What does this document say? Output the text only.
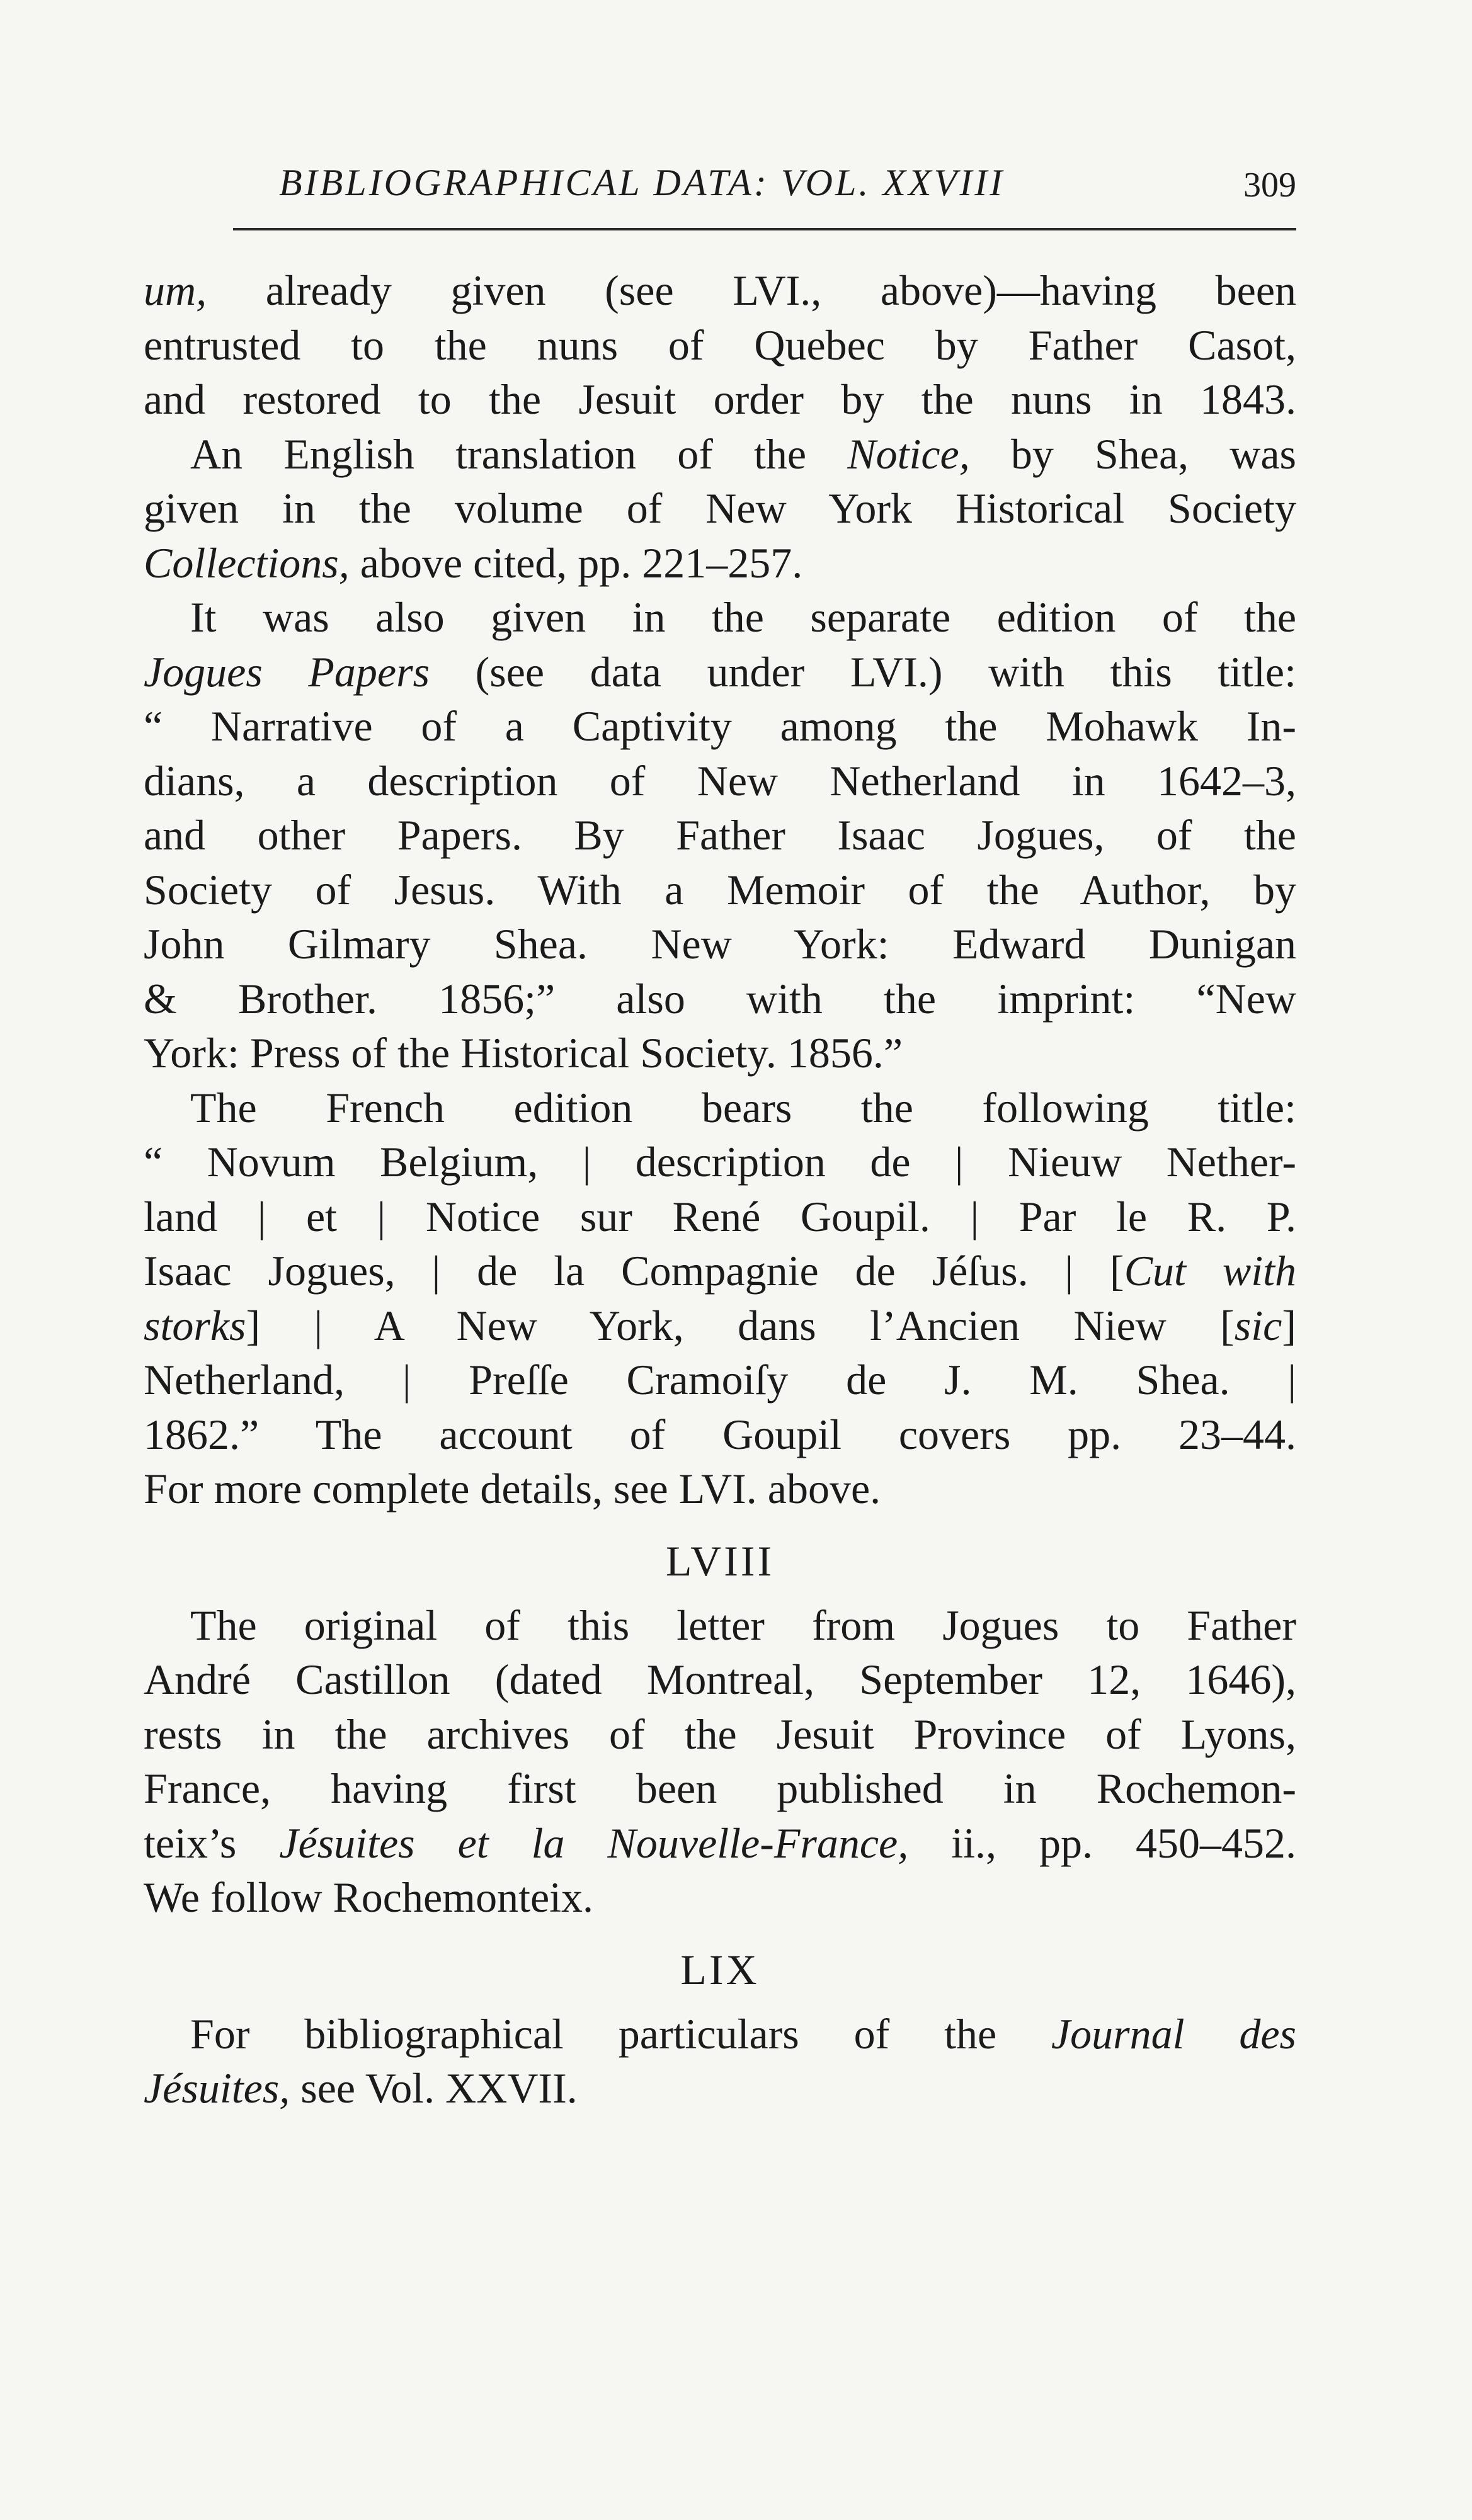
BIBLIOGRAPHICAL DATA: VOL. XXVIII	309
um, already given (see LVI., above)—having been
entrusted to the nuns of Quebec by Father Casot,
and restored to the Jesuit order by the nuns in 1843.
An English translation of the Notice, by Shea, was
given in the volume of New York Historical Society
Collections, above cited, pp. 221–257.
It was also given in the separate edition of the
Jogues Papers (see data under LVI.) with this title:
“ Narrative of a Captivity among the Mohawk In-
dians, a description of New Netherland in 1642–3,
and other Papers. By Father Isaac Jogues, of the
Society of Jesus. With a Memoir of the Author, by
John Gilmary Shea. New York: Edward Dunigan
& Brother. 1856;” also with the imprint: “New
York: Press of the Historical Society. 1856.”
The French edition bears the following title:
“ Novum Belgium, | description de | Nieuw Nether-
land | et | Notice sur René Goupil. | Par le R. P.
Isaac Jogues, | de la Compagnie de Jéſus. | [Cut with
storks] | A New York, dans l’Ancien Niew [sic]
Netherland, | Preſſe Cramoiſy de J. M. Shea. |
1862.” The account of Goupil covers pp. 23–44.
For more complete details, see LVI. above.
LVIII
The original of this letter from Jogues to Father
André Castillon (dated Montreal, September 12, 1646),
rests in the archives of the Jesuit Province of Lyons,
France, having first been published in Rochemon-
teix’s Jésuites et la Nouvelle-France, ii., pp. 450–452.
We follow Rochemonteix.
LIX
For bibliographical particulars of the Journal des
Jésuites, see Vol. XXVII.
